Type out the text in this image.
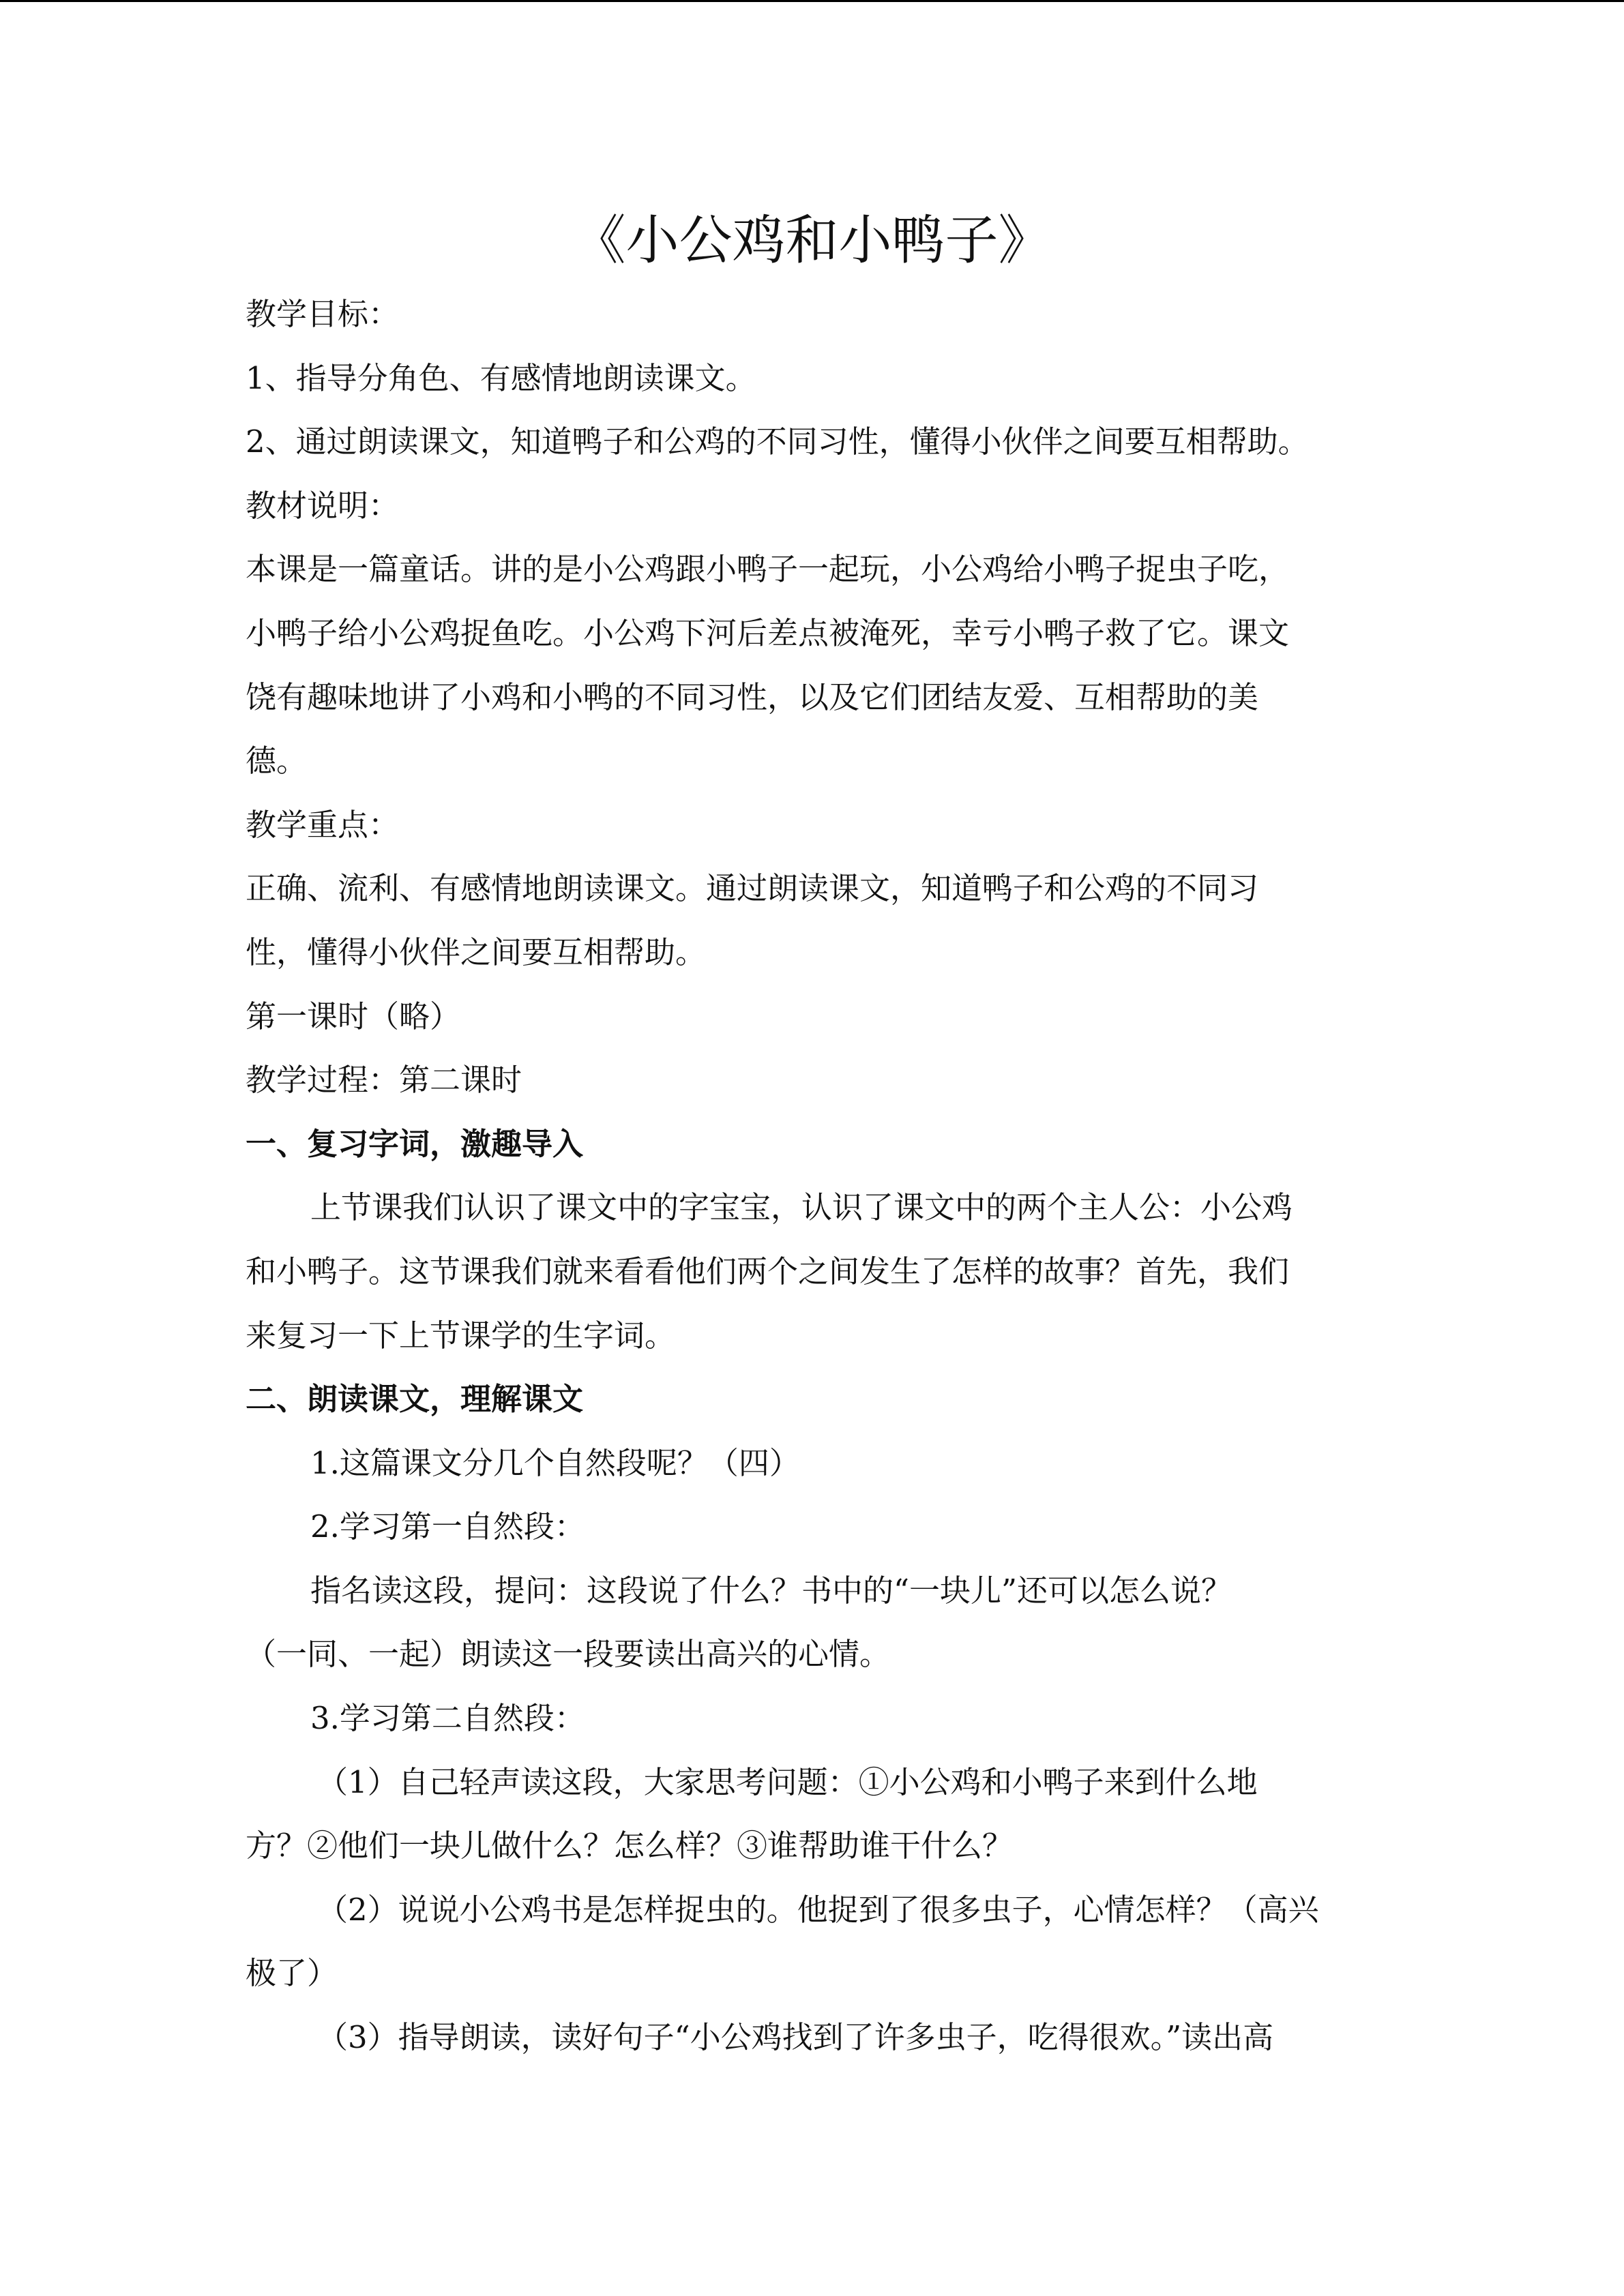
《小公鸡和小鸭子》
教学目标：
1、指导分角色、有感情地朗读课文。
2、通过朗读课文，知道鸭子和公鸡的不同习性，懂得小伙伴之间要互相帮助。
教材说明：
本课是一篇童话。讲的是小公鸡跟小鸭子一起玩，小公鸡给小鸭子捉虫子吃，
小鸭子给小公鸡捉鱼吃。小公鸡下河后差点被淹死，幸亏小鸭子救了它。课文
饶有趣味地讲了小鸡和小鸭的不同习性，以及它们团结友爱、互相帮助的美
德。
教学重点：
正确、流利、有感情地朗读课文。通过朗读课文，知道鸭子和公鸡的不同习
性，懂得小伙伴之间要互相帮助。
第一课时（略）
教学过程：第二课时
一、复习字词，激趣导入
上节课我们认识了课文中的字宝宝，认识了课文中的两个主人公：小公鸡
和小鸭子。这节课我们就来看看他们两个之间发生了怎样的故事？首先，我们
来复习一下上节课学的生字词。
二、朗读课文，理解课文
1.这篇课文分几个自然段呢？（四）
2.学习第一自然段：
指名读这段，提问：这段说了什么？书中的“一块儿”还可以怎么说？
（一同、一起）朗读这一段要读出高兴的心情。
3.学习第二自然段：
（1）自己轻声读这段，大家思考问题：①小公鸡和小鸭子来到什么地
方？②他们一块儿做什么？怎么样？③谁帮助谁干什么？
（2）说说小公鸡书是怎样捉虫的。他捉到了很多虫子，心情怎样？（高兴
极了）
（3）指导朗读，读好句子“小公鸡找到了许多虫子，吃得很欢。”读出高
